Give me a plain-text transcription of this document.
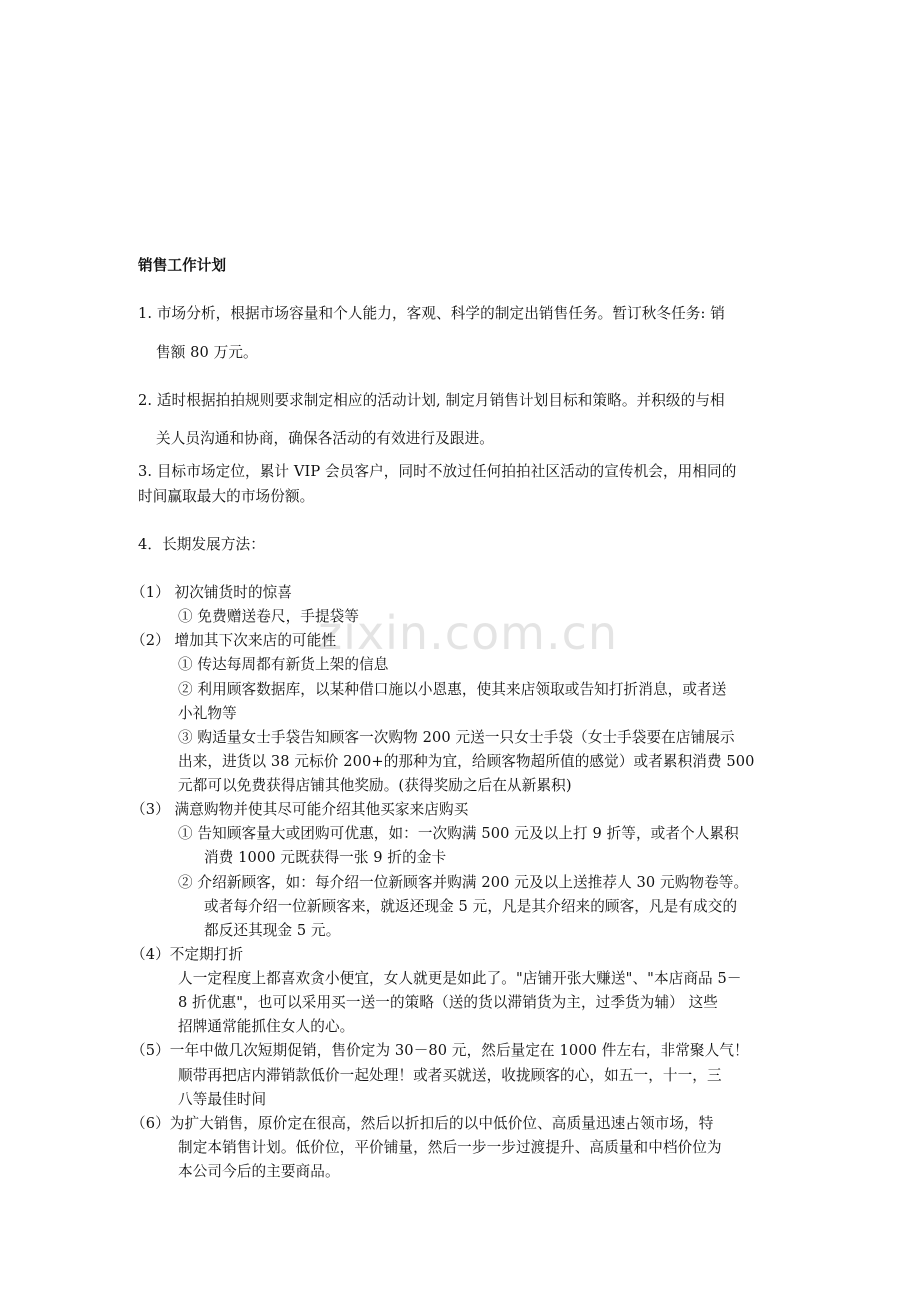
zixin.com.cn
销售工作计划
1. 市场分析，根据市场容量和个人能力，客观、科学的制定出销售任务。暂订秋冬任务: 销
售额 80 万元。
2. 适时根据拍拍规则要求制定相应的活动计划, 制定月销售计划目标和策略。并积级的与相
关人员沟通和协商，确保各活动的有效进行及跟进。
3. 目标市场定位，累计 VIP 会员客户，同时不放过任何拍拍社区活动的宣传机会，用相同的
时间赢取最大的市场份额。
4．长期发展方法：
（1） 初次铺货时的惊喜
① 免费赠送卷尺，手提袋等
（2） 增加其下次来店的可能性
① 传达每周都有新货上架的信息
② 利用顾客数据库，以某种借口施以小恩惠，使其来店领取或告知打折消息，或者送
小礼物等
③ 购适量女士手袋告知顾客一次购物 200 元送一只女士手袋（女士手袋要在店铺展示
出来，进货以 38 元标价 200+的那种为宜，给顾客物超所值的感觉）或者累积消费 500
元都可以免费获得店铺其他奖励。(获得奖励之后在从新累积)
（3） 满意购物并使其尽可能介绍其他买家来店购买
① 告知顾客量大或团购可优惠，如：一次购满 500 元及以上打 9 折等，或者个人累积
消费 1000 元既获得一张 9 折的金卡
② 介绍新顾客，如：每介绍一位新顾客并购满 200 元及以上送推荐人 30 元购物卷等。
或者每介绍一位新顾客来，就返还现金 5 元，凡是其介绍来的顾客，凡是有成交的
都反还其现金 5 元。
（4）不定期打折
人一定程度上都喜欢贪小便宜，女人就更是如此了。"店铺开张大赚送"、"本店商品 5－
8 折优惠"，也可以采用买一送一的策略（送的货以滞销货为主，过季货为辅） 这些
招牌通常能抓住女人的心。
（5）一年中做几次短期促销，售价定为 30－80 元，然后量定在 1000 件左右，非常聚人气！
顺带再把店内滞销款低价一起处理！或者买就送，收拢顾客的心，如五一，十一，三
八等最佳时间
（6）为扩大销售，原价定在很高，然后以折扣后的以中低价位、高质量迅速占领市场，特
制定本销售计划。低价位，平价铺量，然后一步一步过渡提升、高质量和中档价位为
本公司今后的主要商品。
